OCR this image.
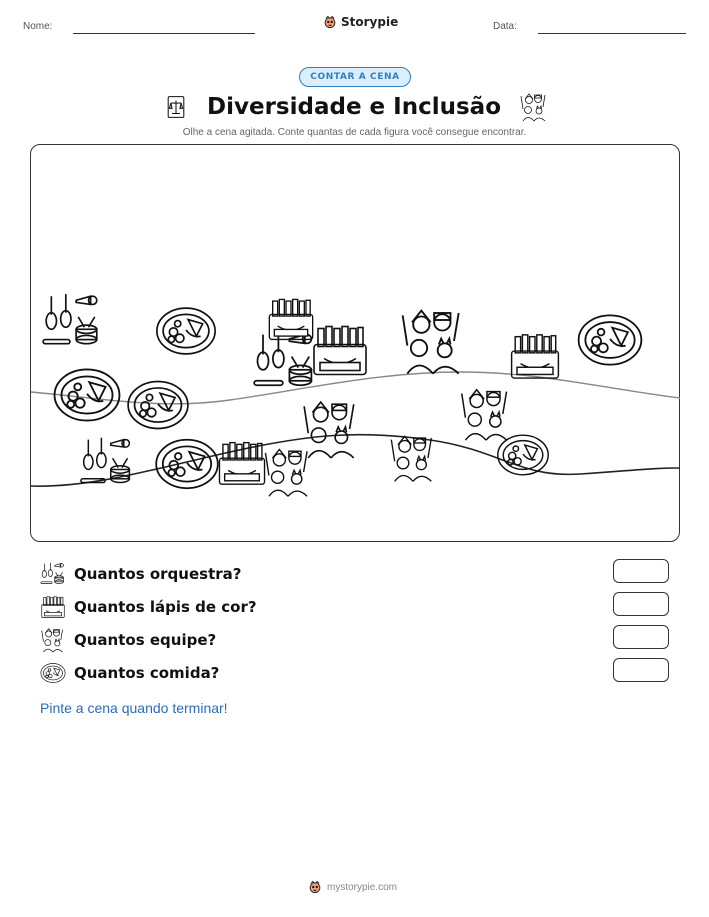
Nome:	Storypie	Data:
CONTAR A CENA
Diversidade e Inclusão
Olhe a cena agitada. Conte quantas de cada figura você consegue encontrar.
Quantos orquestra?
Quantos lápis de cor?
Quantos equipe?
Quantos comida?
Pinte a cena quando terminar!
mystorypie.com
